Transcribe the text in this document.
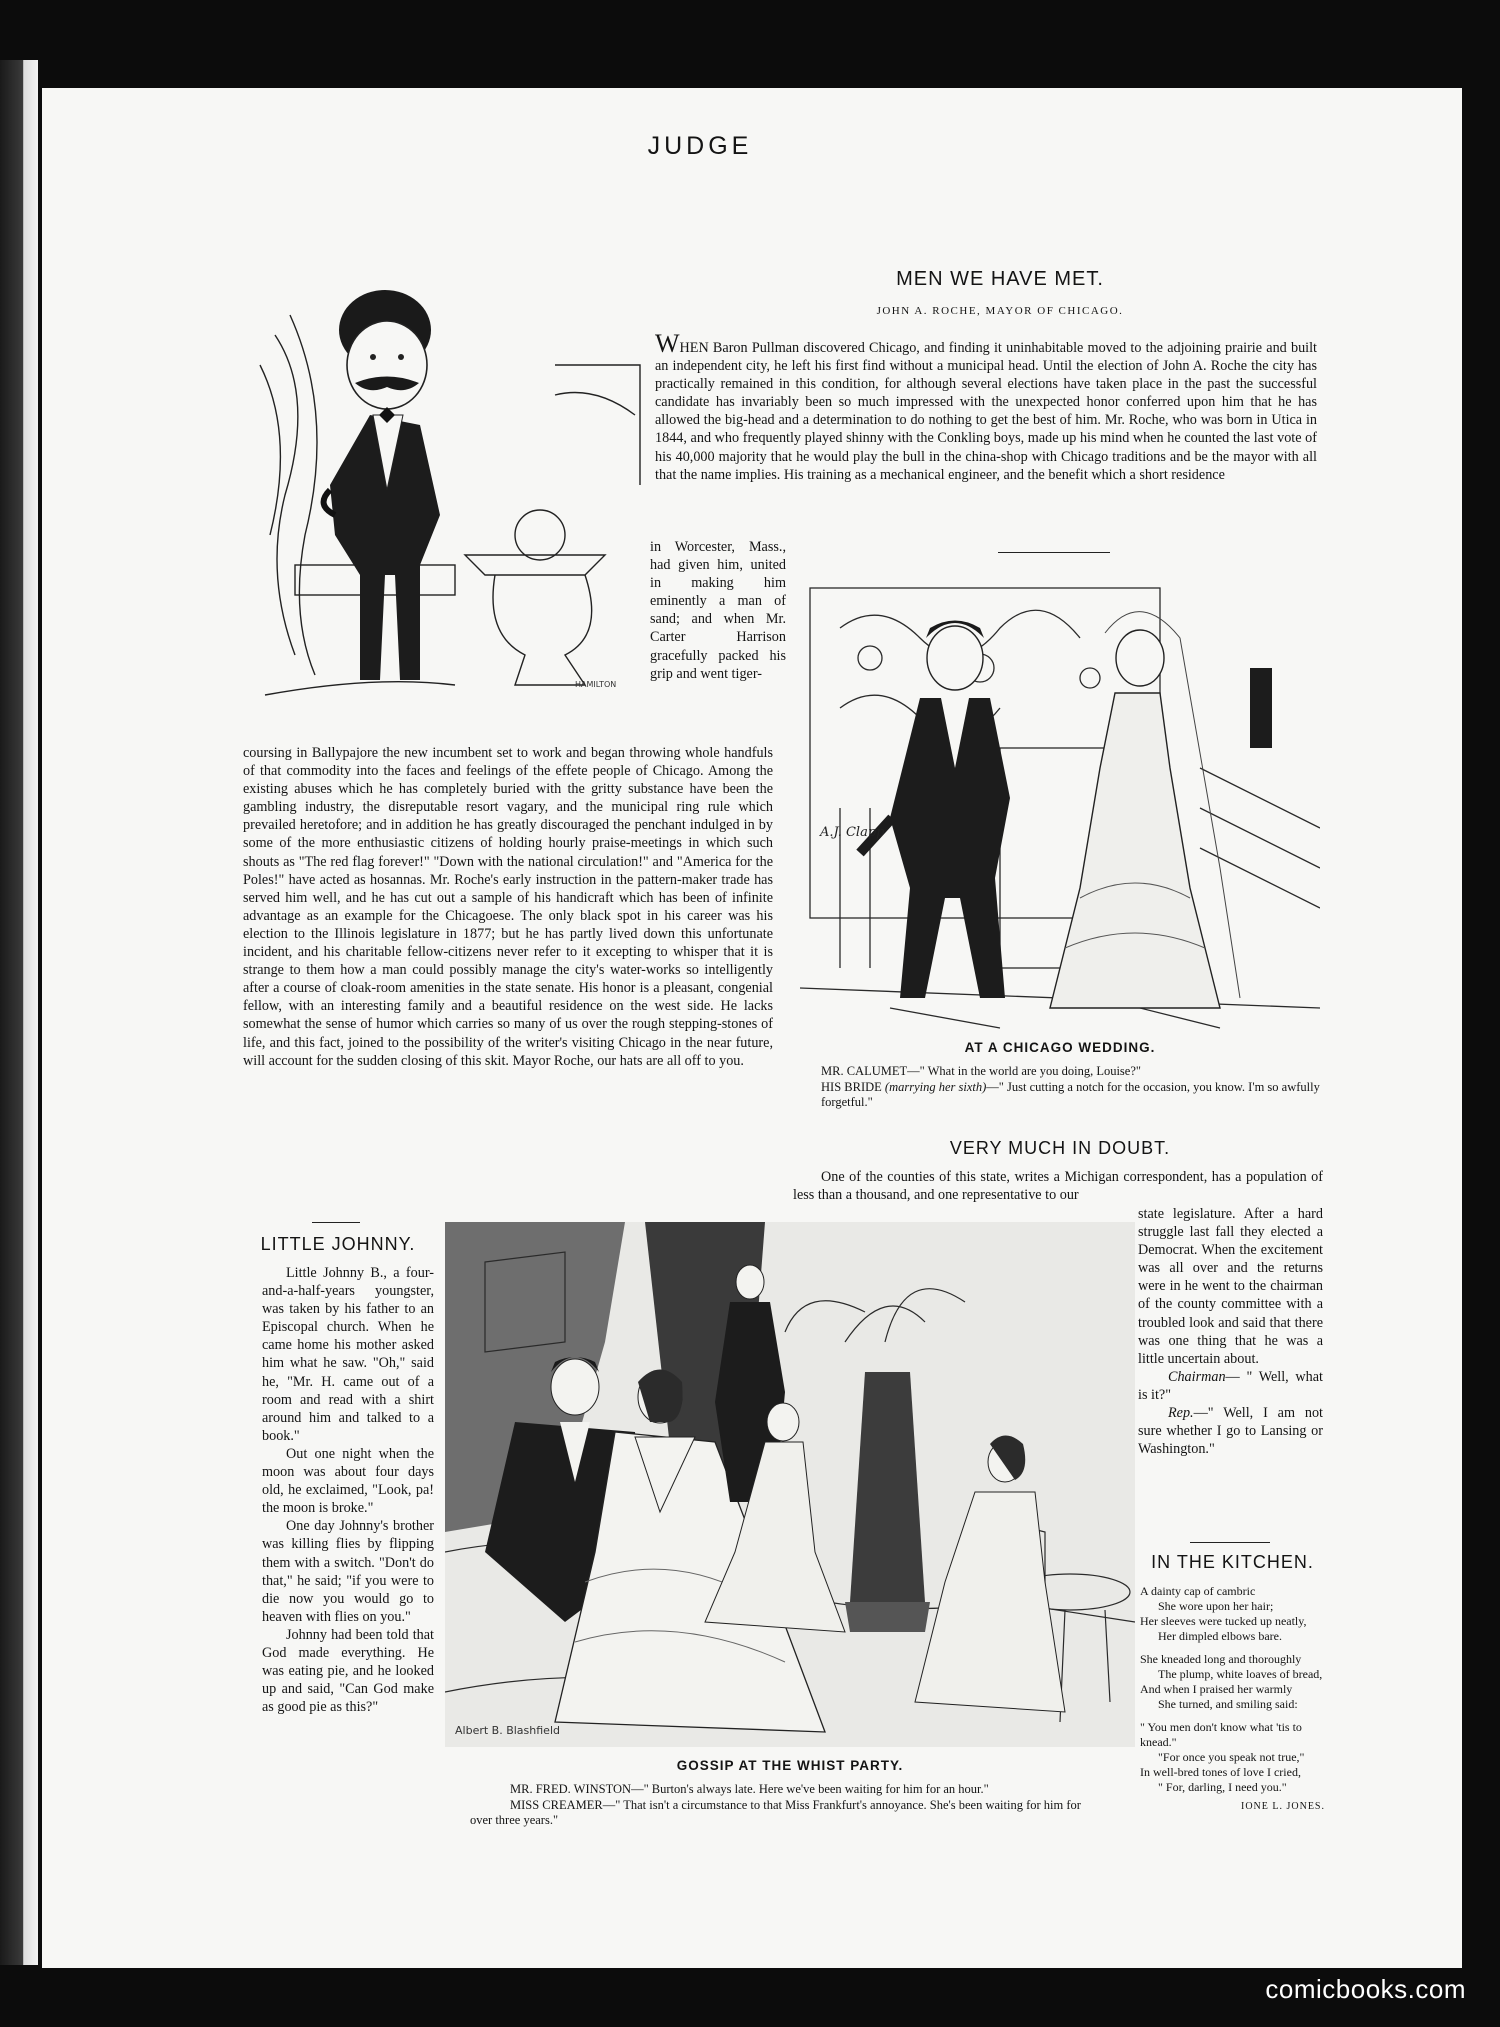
JUDGE
MEN WE HAVE MET.
JOHN A. ROCHE, MAYOR OF CHICAGO.
HAMILTON
WHEN Baron Pullman discovered Chicago, and finding it uninhabitable moved to the adjoining prairie and built an independent city, he left his first find without a municipal head. Until the election of John A. Roche the city has practically remained in this condition, for although several elections have taken place in the past the successful candidate has invariably been so much impressed with the unexpected honor conferred upon him that he has allowed the big-head and a determination to do nothing to get the best of him. Mr. Roche, who was born in Utica in 1844, and who frequently played shinny with the Conkling boys, made up his mind when he counted the last vote of his 40,000 majority that he would play the bull in the china-shop with Chicago traditions and be the mayor with all that the name implies. His training as a mechanical engineer, and the benefit which a short residence
in Worcester, Mass., had given him, united in making him eminently a man of sand; and when Mr. Carter Harrison gracefully packed his grip and went tiger-
coursing in Ballypajore the new incumbent set to work and began throwing whole handfuls of that commodity into the faces and feelings of the effete people of Chicago. Among the existing abuses which he has completely buried with the gritty substance have been the gambling industry, the disreputable resort vagary, and the municipal ring rule which prevailed heretofore; and in addition he has greatly discouraged the penchant indulged in by some of the more enthusiastic citizens of holding hourly praise-meetings in which such shouts as "The red flag forever!" "Down with the national circulation!" and "America for the Poles!" have acted as hosannas. Mr. Roche's early instruction in the pattern-maker trade has served him well, and he has cut out a sample of his handicraft which has been of infinite advantage as an example for the Chicagoese. The only black spot in his career was his election to the Illinois legislature in 1877; but he has partly lived down this unfortunate incident, and his charitable fellow-citizens never refer to it excepting to whisper that it is strange to them how a man could possibly manage the city's water-works so intelligently after a course of cloak-room amenities in the state senate. His honor is a pleasant, congenial fellow, with an interesting family and a beautiful residence on the west side. He lacks somewhat the sense of humor which carries so many of us over the rough stepping-stones of life, and this fact, joined to the possibility of the writer's visiting Chicago in the near future, will account for the sudden closing of this skit. Mayor Roche, our hats are all off to you.
A.J. Clapp
AT A CHICAGO WEDDING.
MR. CALUMET—" What in the world are you doing, Louise?"
HIS BRIDE (marrying her sixth)—" Just cutting a notch for the occasion, you know. I'm so awfully forgetful."
VERY MUCH IN DOUBT.
One of the counties of this state, writes a Michigan correspondent, has a population of less than a thousand, and one representative to our
state legislature. After a hard struggle last fall they elected a Democrat. When the excitement was all over and the returns were in he went to the chairman of the county committee with a troubled look and said that there was one thing that he was a little uncertain about.
Chairman— " Well, what is it?"
Rep.—" Well, I am not sure whether I go to Lansing or Washington."
IN THE KITCHEN.

A dainty cap of cambric

She wore upon her hair;

Her sleeves were tucked up neatly,

Her dimpled elbows bare.

She kneaded long and thoroughly

The plump, white loaves of bread,

And when I praised her warmly

She turned, and smiling said:

" You men don't know what 'tis to knead."

"For once you speak not true,"

In well-bred tones of love I cried,

" For, darling, I need you."

IONE L. JONES.

LITTLE JOHNNY.
Little Johnny B., a four-and-a-half-years youngster, was taken by his father to an Episcopal church. When he came home his mother asked him what he saw. "Oh," said he, "Mr. H. came out of a room and read with a shirt around him and talked to a book."
Out one night when the moon was about four days old, he exclaimed, "Look, pa! the moon is broke."
One day Johnny's brother was killing flies by flipping them with a switch. "Don't do that," he said; "if you were to die now you would go to heaven with flies on you."
Johnny had been told that God made everything. He was eating pie, and he looked up and said, "Can God make as good pie as this?"
Albert B. Blashfield
GOSSIP AT THE WHIST PARTY.
MR. FRED. WINSTON—" Burton's always late. Here we've been waiting for him for an hour."
MISS CREAMER—" That isn't a circumstance to that Miss Frankfurt's annoyance. She's been waiting for him for over three years."
comicbooks.com
